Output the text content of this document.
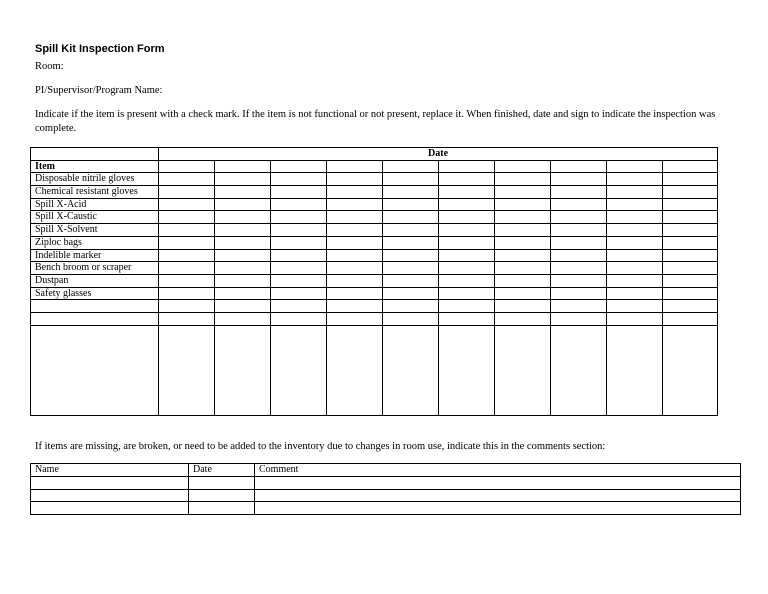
Spill Kit Inspection Form
Room:
PI/Supervisor/Program Name:
Indicate if the item is present with a check mark. If the item is not functional or not present, replace it. When finished, date and sign to indicate the inspection was complete.
	Date									
Item										
Disposable nitrile gloves										
Chemical resistant gloves										
Spill X-Acid										
Spill X-Caustic										
Spill X-Solvent										
Ziploc bags										
Indelible marker										
Bench broom or scraper										
Dustpan										
Safety glasses										

If items are missing, are broken, or need to be added to the inventory due to changes in room use, indicate this in the comments section:
Name	Date	Comment
